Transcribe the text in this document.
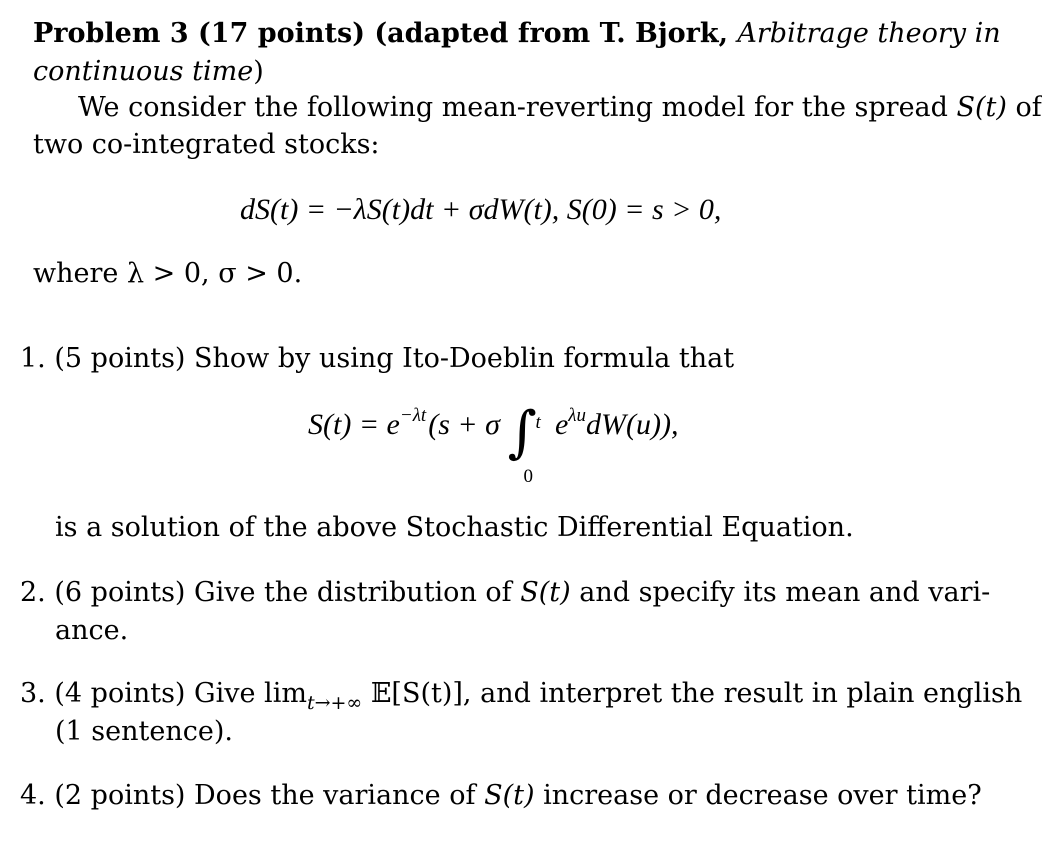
Problem 3 (17 points) (adapted from T. Bjork, Arbitrage theory in
continuous time)
We consider the following mean-reverting model for the spread S(t) of
two co-integrated stocks:
dS(t) = −λS(t)dt + σdW(t), S(0) = s > 0,
where λ > 0, σ > 0.
1. (5 points) Show by using Ito-Doeblin formula that
$S(t) = e^{-\lambda t}(s + \sigma$ ∫
t
0
$e^{\lambda u}dW(u)$),
is a solution of the above Stochastic Differential Equation.
2. (6 points) Give the distribution of S(t) and specify its mean and vari-
ance.
3. (4 points) Give $\lim_{t\to+\infty}$ 𝔼[S(t)], and interpret the result in plain english
(1 sentence).
4. (2 points) Does the variance of S(t) increase or decrease over time?
